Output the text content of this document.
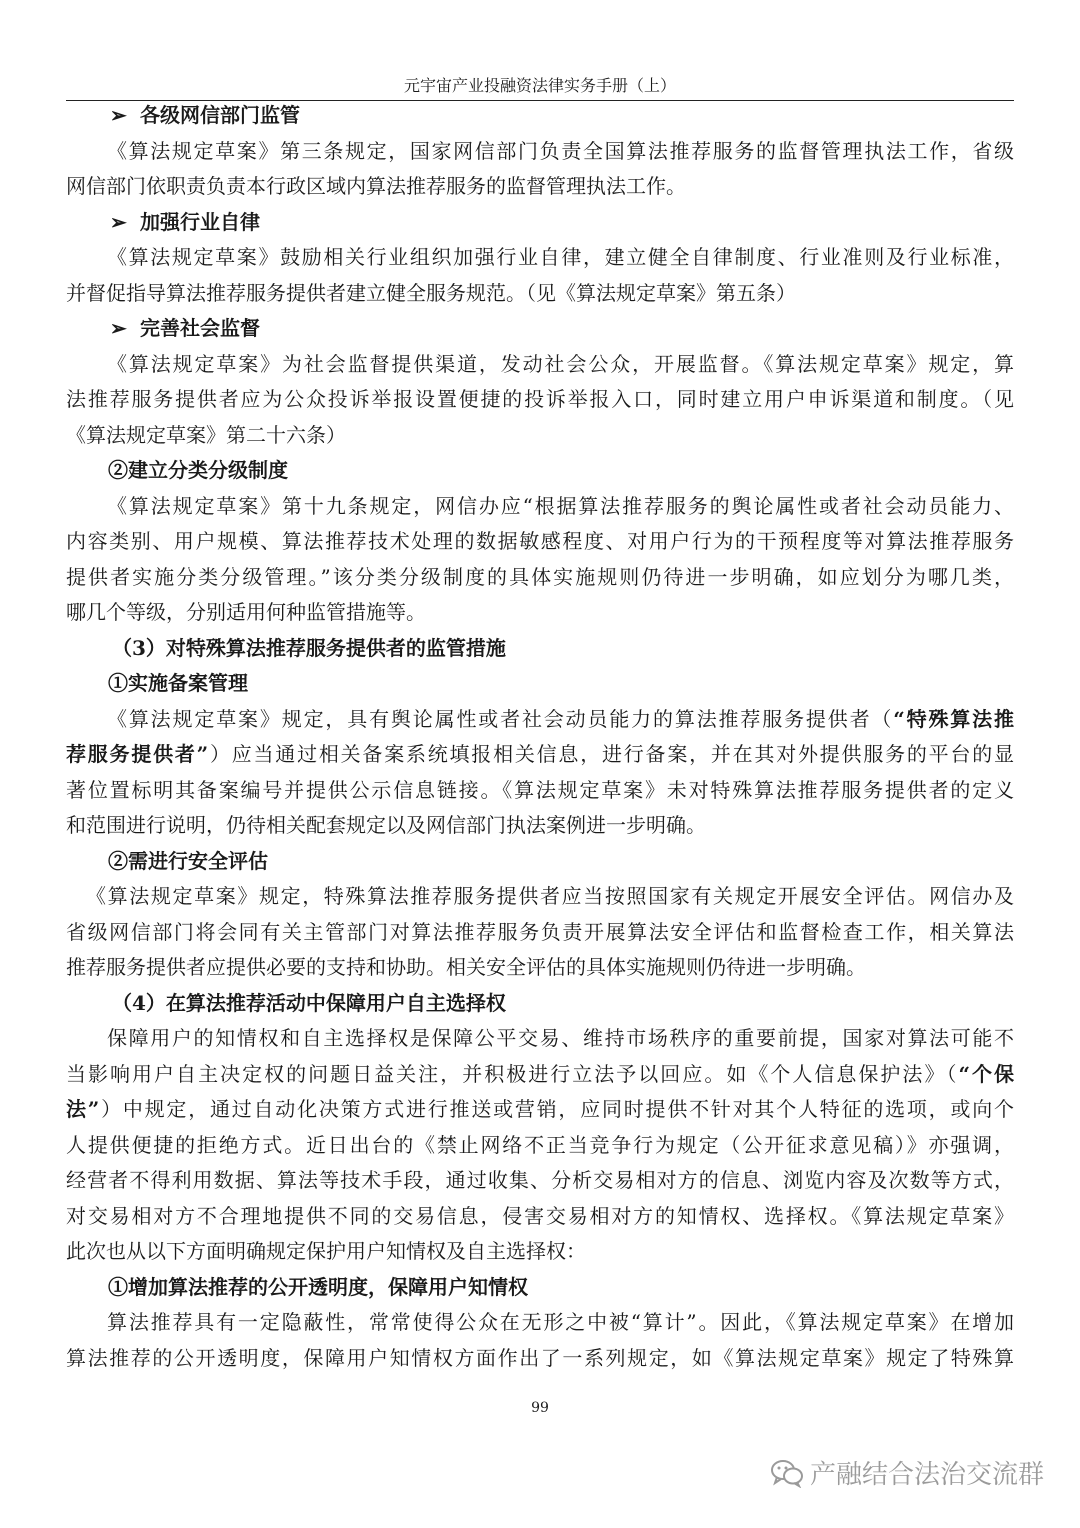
元宇宙产业投融资法律实务手册（上）
➢ 各级网信部门监管
《算法规定草案》第三条规定，国家网信部门负责全国算法推荐服务的监督管理执法工作，省级
网信部门依职责负责本行政区域内算法推荐服务的监督管理执法工作。
➢ 加强行业自律
《算法规定草案》鼓励相关行业组织加强行业自律，建立健全自律制度、行业准则及行业标准，
并督促指导算法推荐服务提供者建立健全服务规范。（见《算法规定草案》第五条）
➢ 完善社会监督
《算法规定草案》为社会监督提供渠道，发动社会公众，开展监督。《算法规定草案》规定，算
法推荐服务提供者应为公众投诉举报设置便捷的投诉举报入口，同时建立用户申诉渠道和制度。（见
《算法规定草案》第二十六条）
②建立分类分级制度
《算法规定草案》第十九条规定，网信办应“根据算法推荐服务的舆论属性或者社会动员能力、
内容类别、用户规模、算法推荐技术处理的数据敏感程度、对用户行为的干预程度等对算法推荐服务
提供者实施分类分级管理。”该分类分级制度的具体实施规则仍待进一步明确，如应划分为哪几类，
哪几个等级，分别适用何种监管措施等。
（3）对特殊算法推荐服务提供者的监管措施
①实施备案管理
《算法规定草案》规定，具有舆论属性或者社会动员能力的算法推荐服务提供者（“特殊算法推
荐服务提供者”）应当通过相关备案系统填报相关信息，进行备案，并在其对外提供服务的平台的显
著位置标明其备案编号并提供公示信息链接。《算法规定草案》未对特殊算法推荐服务提供者的定义
和范围进行说明，仍待相关配套规定以及网信部门执法案例进一步明确。
②需进行安全评估
《算法规定草案》规定，特殊算法推荐服务提供者应当按照国家有关规定开展安全评估。网信办及
省级网信部门将会同有关主管部门对算法推荐服务负责开展算法安全评估和监督检查工作，相关算法
推荐服务提供者应提供必要的支持和协助。相关安全评估的具体实施规则仍待进一步明确。
（4）在算法推荐活动中保障用户自主选择权
保障用户的知情权和自主选择权是保障公平交易、维持市场秩序的重要前提，国家对算法可能不
当影响用户自主决定权的问题日益关注，并积极进行立法予以回应。如《个人信息保护法》（“个保
法”）中规定，通过自动化决策方式进行推送或营销，应同时提供不针对其个人特征的选项，或向个
人提供便捷的拒绝方式。近日出台的《禁止网络不正当竞争行为规定（公开征求意见稿）》亦强调，
经营者不得利用数据、算法等技术手段，通过收集、分析交易相对方的信息、浏览内容及次数等方式，
对交易相对方不合理地提供不同的交易信息，侵害交易相对方的知情权、选择权。《算法规定草案》
此次也从以下方面明确规定保护用户知情权及自主选择权：
①增加算法推荐的公开透明度，保障用户知情权
算法推荐具有一定隐蔽性，常常使得公众在无形之中被“算计”。因此，《算法规定草案》在增加
算法推荐的公开透明度，保障用户知情权方面作出了一系列规定，如《算法规定草案》规定了特殊算
99
产融结合法治交流群
